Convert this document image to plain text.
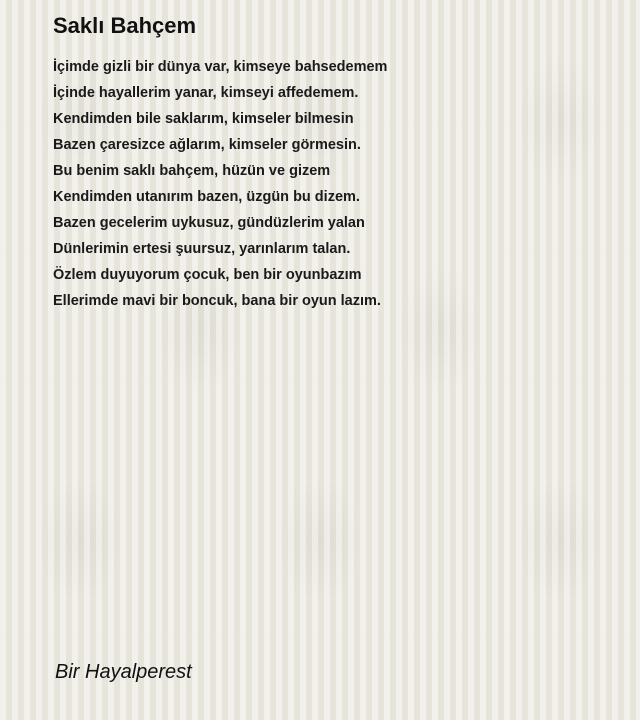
Saklı Bahçem
İçimde gizli bir dünya var, kimseye bahsedemem
İçinde hayallerim yanar, kimseyi affedemem.
Kendimden bile saklarım, kimseler bilmesin
Bazen çaresizce ağlarım, kimseler görmesin.
Bu benim saklı bahçem, hüzün ve gizem
Kendimden utanırım bazen, üzgün bu dizem.
Bazen gecelerim uykusuz, gündüzlerim yalan
Dünlerimin ertesi şuursuz, yarınlarım talan.
Özlem duyuyorum çocuk, ben bir oyunbazım
Ellerimde mavi bir boncuk, bana bir oyun lazım.
Bir Hayalperest
